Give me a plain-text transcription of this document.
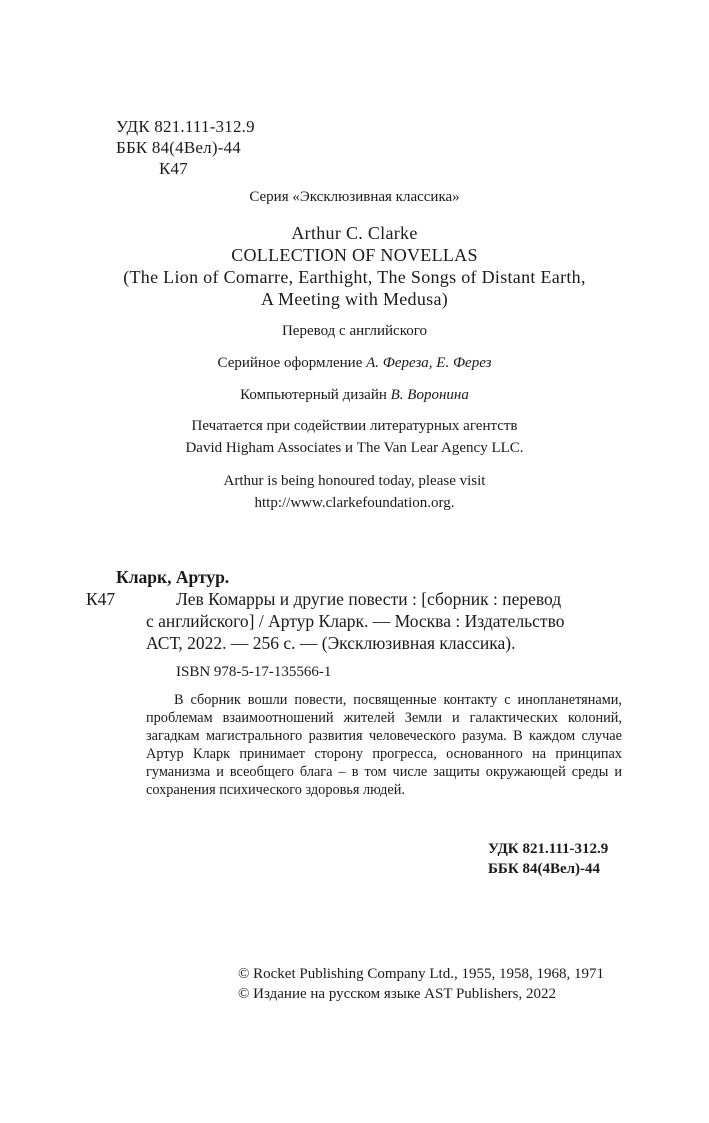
УДК 821.111-312.9
ББК 84(4Вел)-44
К47
Серия «Эксклюзивная классика»
Arthur C. Clarke
COLLECTION OF NOVELLAS
(The Lion of Comarre, Earthight, The Songs of Distant Earth,
A Meeting with Medusa)
Перевод с английского
Серийное оформление А. Фереза, Е. Ферез
Компьютерный дизайн В. Воронина
Печатается при содействии литературных агентств
David Higham Associates и The Van Lear Agency LLC.
Arthur is being honoured today, please visit
http://www.clarkefoundation.org.
Кларк, Артур.
К47	Лев Комарры и другие повести : [сборник : перевод
с английского] / Артур Кларк. — Москва : Издательство
АСТ, 2022. — 256 с. — (Эксклюзивная классика).
ISBN 978-5-17-135566-1

В сборник вошли повести, посвященные контакту с инопланетянами, проблемам взаимоотношений жителей Земли и галактических колоний, загадкам магистрального развития человеческого разума. В каждом случае Артур Кларк принимает сторону прогресса, основанного на принципах гуманизма и всеобщего блага – в том числе защиты окружающей среды и сохранения психического здоровья людей.

УДК 821.111-312.9
ББК 84(4Вел)-44
© Rocket Publishing Company Ltd., 1955, 1958, 1968, 1971
© Издание на русском языке AST Publishers, 2022
